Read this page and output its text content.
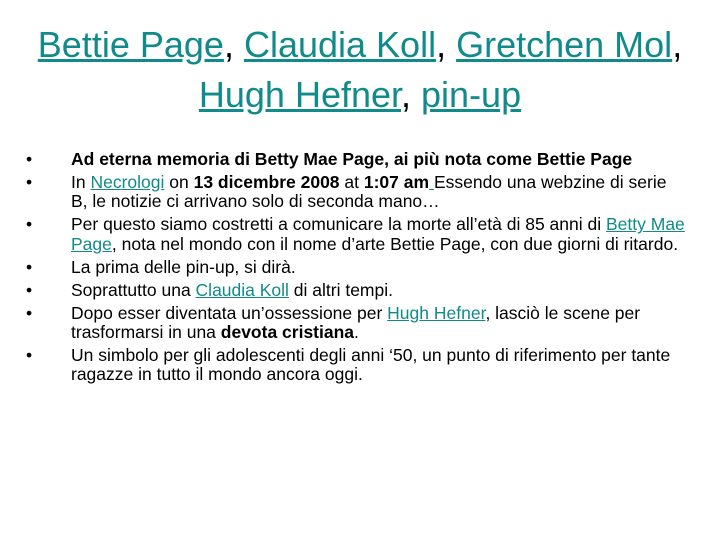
Bettie Page, Claudia Koll, Gretchen Mol, Hugh Hefner, pin-up
• Ad eterna memoria di Betty Mae Page, ai più nota come Bettie Page
• In Necrologi on 13 dicembre 2008 at 1:07 am Essendo una webzine di serie B, le notizie ci arrivano solo di seconda mano…
• Per questo siamo costretti a comunicare la morte all’età di 85 anni di Betty Mae Page, nota nel mondo con il nome d’arte Bettie Page, con due giorni di ritardo.
• La prima delle pin-up, si dirà.
• Soprattutto una Claudia Koll di altri tempi.
• Dopo esser diventata un’ossessione per Hugh Hefner, lasciò le scene per trasformarsi in una devota cristiana.
• Un simbolo per gli adolescenti degli anni ‘50, un punto di riferimento per tante ragazze in tutto il mondo ancora oggi.
